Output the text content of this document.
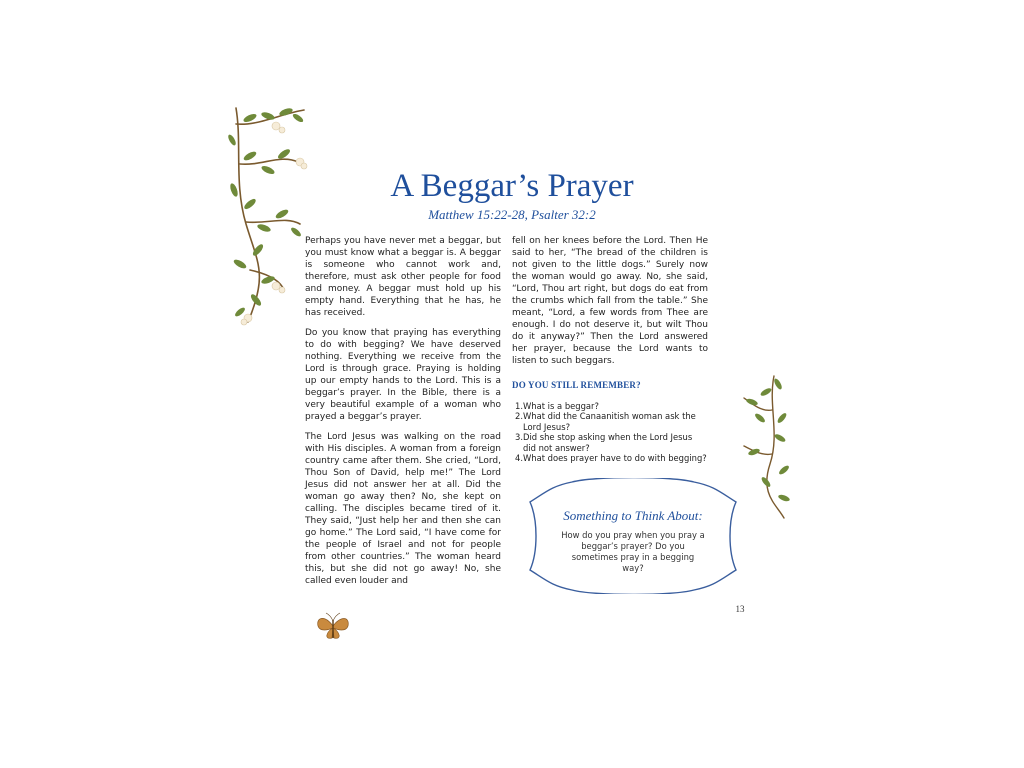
A Beggar’s Prayer

Matthew 15:22-28, Psalter 32:2

Perhaps you have never met a beggar, but you must know what a beggar is. A beggar is someone who cannot work and, therefore, must ask other people for food and money. A beggar must hold up his empty hand. Everything that he has, he has received.

Do you know that praying has everything to do with begging? We have deserved nothing. Everything we receive from the Lord is through grace. Praying is holding up our empty hands to the Lord. This is a beggar’s prayer. In the Bible, there is a very beautiful example of a woman who prayed a beggar’s prayer.

The Lord Jesus was walking on the road with His disciples. A woman from a foreign country came after them. She cried, “Lord, Thou Son of David, help me!” The Lord Jesus did not answer her at all. Did the woman go away then? No, she kept on calling. The disciples became tired of it. They said, “Just help her and then she can go home.” The Lord said, “I have come for the people of Israel and not for people from other countries.” The woman heard this, but she did not go away! No, she called even louder and

fell on her knees before the Lord. Then He said to her, “The bread of the children is not given to the little dogs.” Surely now the woman would go away. No, she said, “Lord, Thou art right, but dogs do eat from the crumbs which fall from the table.” She meant, “Lord, a few words from Thee are enough. I do not deserve it, but wilt Thou do it anyway?” Then the Lord answered her prayer, because the Lord wants to listen to such beggars.

DO YOU STILL REMEMBER?
1. What is a beggar?
2. What did the Canaanitish woman ask the Lord Jesus?
3. Did she stop asking when the Lord Jesus did not answer?
4. What does prayer have to do with begging?

Something to Think About:

How do you pray when you pray a beggar’s prayer? Do you sometimes pray in a begging way?

13
